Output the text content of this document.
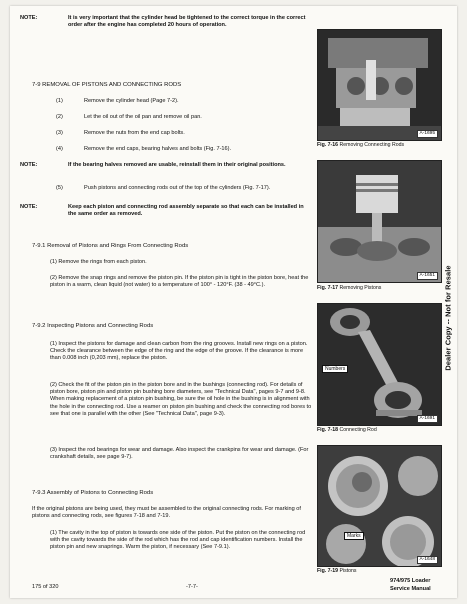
NOTE:	It is very important that the cylinder head be tightened to the correct torque in the correct order after the engine has completed 20 hours of operation.
7-9 REMOVAL OF PISTONS AND CONNECTING RODS
(1)	Remove the cylinder head (Page 7-2).
(2)	Let the oil out of the oil pan and remove oil pan.
(3)	Remove the nuts from the end cap bolts.
(4)	Remove the end caps, bearing halves and bolts (Fig. 7-16).
NOTE:	If the bearing halves removed are usable, reinstall them in their original positions.
(5)	Push pistons and connecting rods out of the top of the cylinders (Fig. 7-17).
NOTE:	Keep each piston and connecting rod assembly separate so that each can be installed in the same order as removed.
7-9.1 Removal of Pistons and Rings From Connecting Rods
(1) Remove the rings from each piston.
(2) Remove the snap rings and remove the piston pin. If the piston pin is tight in the piston bore, heat the piston in a warm, clean liquid (not water) to a temperature of 100° - 120°F. (38 - 49°C.).
7-9.2 Inspecting Pistons and Connecting Rods
(1) Inspect the pistons for damage and clean carbon from the ring grooves. Install new rings on a piston. Check the clearance between the edge of the ring and the edge of the groove. If the clearance is more than 0.008 inch (0,203 mm), replace the piston.
(2) Check the fit of the piston pin in the piston bore and in the bushings (connecting rod). For details of piston bore, piston pin and piston pin bushing bore diameters, see "Technical Data", pages 9-7 and 9-8. When making replacement of a piston pin bushing, be sure the oil hole in the bushing is in alignment with the hole in the connecting rod. Use a reamer on piston pin bushing and check the connecting rod bores to see that one is parallel with the other (See "Technical Data", page 9-3).
(3) Inspect the rod bearings for wear and damage. Also inspect the crankpins for wear and damage. (For crankshaft details, see page 9-7).
7-9.3 Assembly of Pistons to Connecting Rods
If the original pistons are being used, they must be assembled to the original connecting rods. For marking of pistons and connecting rods, see figures 7-18 and 7-19.
(1) The cavity in the top of piston is towards one side of the piston. Put the piston on the connecting rod with the cavity towards the side of the rod which has the rod and cap identification numbers. Install the piston pin and new snaprings. Warm the piston, if necessary (See 7-9.1).
A-1695
Fig. 7-16 Removing Connecting Rods
A-1651
Fig. 7-17 Removing Pistons
Numbers
A-1691
Fig. 7-18 Connecting Rod
Marks
A-1648
Fig. 7-19 Pistons
175 of 320	-7-7-
974/975 Loader
Service Manual
Dealer Copy -- Not for Resale
